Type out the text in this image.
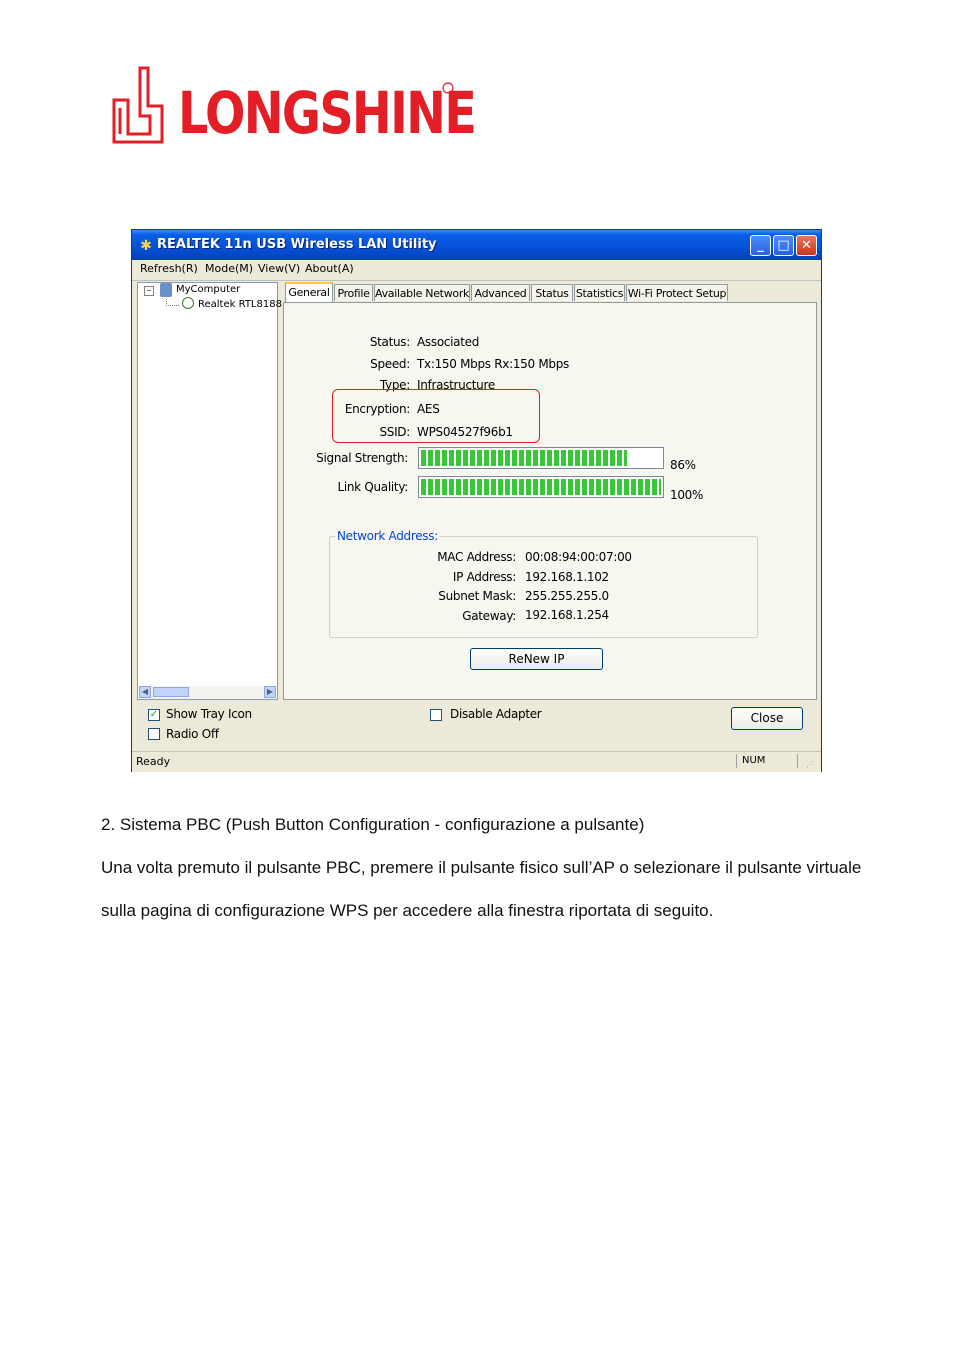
LONGSHINE
✱ REALTEK 11n USB Wireless LAN Utility	_	□ ✕
Refresh(R) Mode(M) View(V) About(A)
− MyComputer
Realtek RTL8188
◀	▶
General Profile Available Network Advanced Status Statistics Wi-Fi Protect Setup
Status: Associated
Speed: Tx:150 Mbps Rx:150 Mbps
Type: Infrastructure
Encryption: AES
SSID: WPS04527f96b1
Signal Strength:	86%
Link Quality:
100%
Network Address:
MAC Address: 00:08:94:00:07:00
IP Address: 192.168.1.102
Subnet Mask: 255.255.255.0
Gateway: 192.168.1.254
ReNew IP
✓ Show Tray Icon
Radio Off
Disable Adapter	Close
Ready	NUM	⋰
2. Sistema PBC (Push Button Configuration - configurazione a pulsante)
Una volta premuto il pulsante PBC, premere il pulsante fisico sull’AP o selezionare il pulsante virtuale
sulla pagina di configurazione WPS per accedere alla finestra riportata di seguito.
